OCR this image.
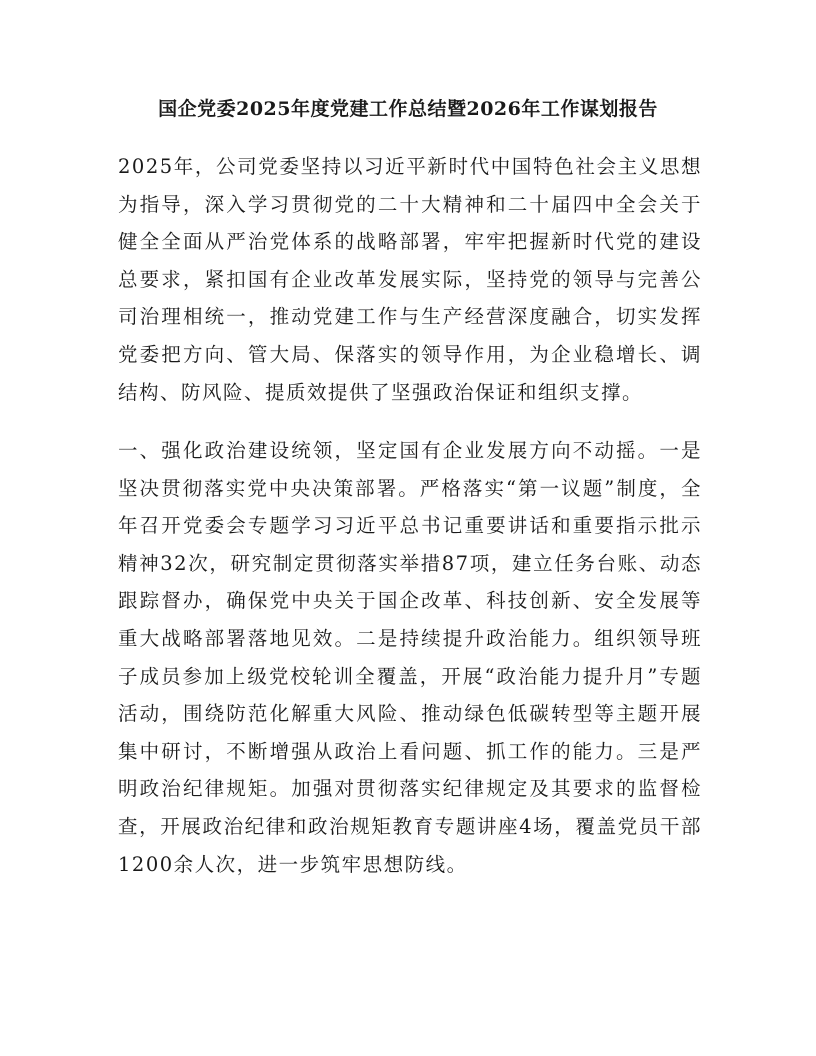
国企党委2025年度党建工作总结暨2026年工作谋划报告

2025年，公司党委坚持以习近平新时代中国特色社会主义思想为指导，深入学习贯彻党的二十大精神和二十届四中全会关于健全全面从严治党体系的战略部署，牢牢把握新时代党的建设总要求，紧扣国有企业改革发展实际，坚持党的领导与完善公司治理相统一，推动党建工作与生产经营深度融合，切实发挥党委把方向、管大局、保落实的领导作用，为企业稳增长、调结构、防风险、提质效提供了坚强政治保证和组织支撑。

一、强化政治建设统领，坚定国有企业发展方向不动摇。一是坚决贯彻落实党中央决策部署。严格落实“第一议题”制度，全年召开党委会专题学习习近平总书记重要讲话和重要指示批示精神32次，研究制定贯彻落实举措87项，建立任务台账、动态跟踪督办，确保党中央关于国企改革、科技创新、安全发展等重大战略部署落地见效。二是持续提升政治能力。组织领导班子成员参加上级党校轮训全覆盖，开展“政治能力提升月”专题活动，围绕防范化解重大风险、推动绿色低碳转型等主题开展集中研讨，不断增强从政治上看问题、抓工作的能力。三是严明政治纪律规矩。加强对贯彻落实纪律规定及其要求的监督检查，开展政治纪律和政治规矩教育专题讲座4场，覆盖党员干部1200余人次，进一步筑牢思想防线。
